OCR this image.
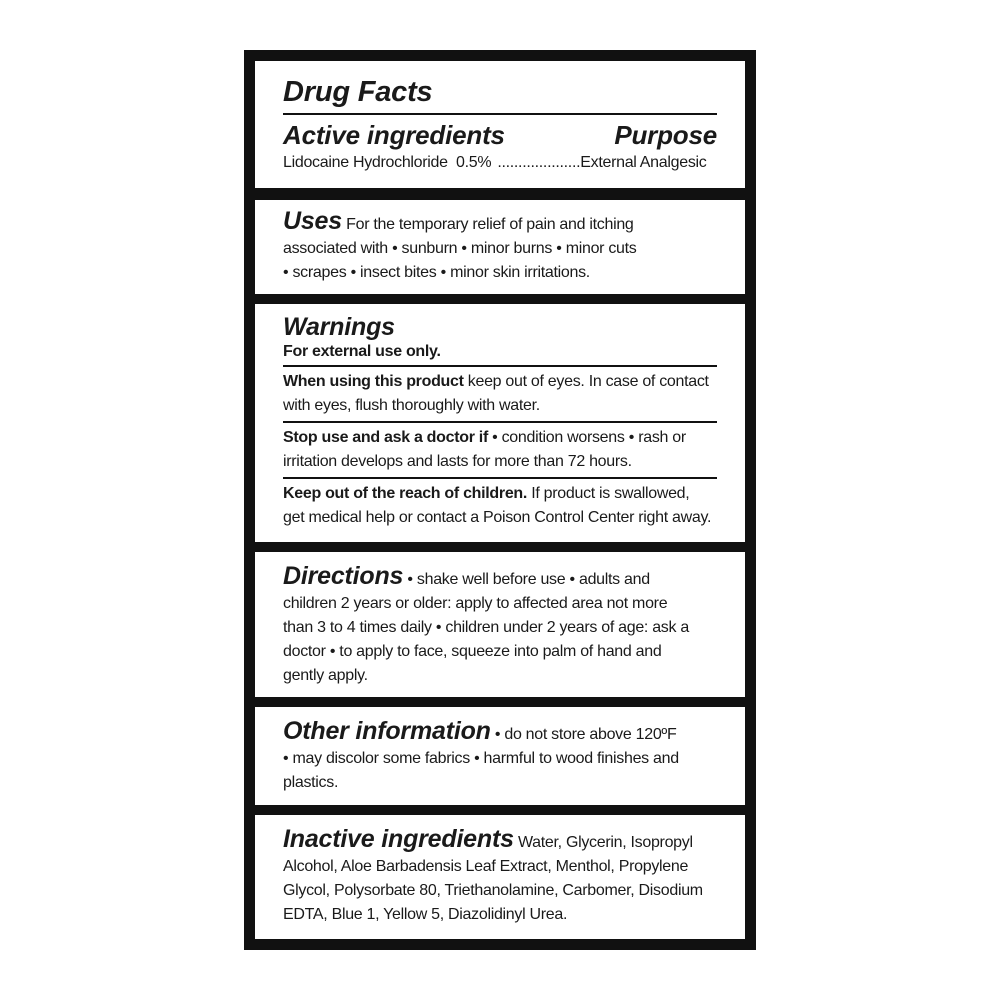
Drug Facts
Active ingredients	Purpose
Lidocaine Hydrochloride  0.5% .................... External Analgesic
Uses For the temporary relief of pain and itching
associated with • sunburn • minor burns • minor cuts
• scrapes • insect bites • minor skin irritations.
Warnings
For external use only.
When using this product keep out of eyes. In case of contact
with eyes, flush thoroughly with water.
Stop use and ask a doctor if • condition worsens • rash or
irritation develops and lasts for more than 72 hours.
Keep out of the reach of children. If product is swallowed,
get medical help or contact a Poison Control Center right away.
Directions • shake well before use • adults and
children 2 years or older: apply to affected area not more
than 3 to 4 times daily • children under 2 years of age: ask a
doctor • to apply to face, squeeze into palm of hand and
gently apply.
Other information • do not store above 120ºF
• may discolor some fabrics • harmful to wood finishes and
plastics.
Inactive ingredients Water, Glycerin, Isopropyl
Alcohol, Aloe Barbadensis Leaf Extract, Menthol, Propylene
Glycol, Polysorbate 80, Triethanolamine, Carbomer, Disodium
EDTA, Blue 1, Yellow 5, Diazolidinyl Urea.
